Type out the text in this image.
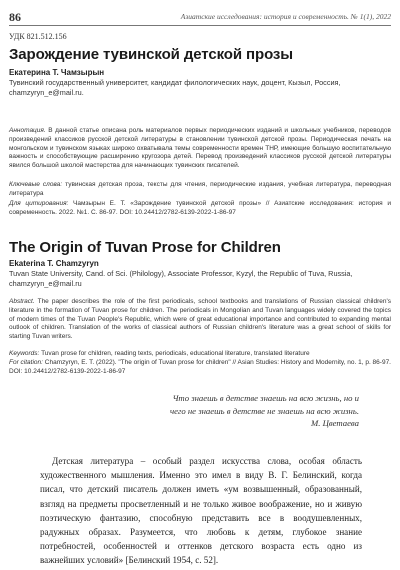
86	Азиатские исследования: история и современность. № 1(1), 2022
УДК 821.512.156
Зарождение тувинской детской прозы
Екатерина Т. Чамзырын
Тувинский государственный университет, кандидат филологических наук, доцент, Кызыл, Россия, chamzyryn_e@mail.ru.
Аннотация. В данной статье описана роль материалов первых периодических изданий и школьных учебников, переводов произведений классиков русской детской литературы в становлении тувинской детской прозы. Периодическая печать на монгольском и тувинском языках широко охватывала темы современности времен ТНР, имеющие большую воспитательную важность и способствующие расширению кругозора детей. Перевод произведений классиков русской детской литературы явился большой школой мастерства для начинающих тувинских писателей.
Ключевые слова: тувинская детская проза, тексты для чтения, периодические издания, учебная литература, переводная литература
Для цитирования: Чамзырын Е. Т. «Зарождение тувинской детской прозы» // Азиатские исследования: история и современность. 2022. №1. С. 86-97. DOI: 10.24412/2782-6139-2022-1-86-97
The Origin of Tuvan Prose for Children
Ekaterina T. Chamzyryn
Tuvan State University, Cand. of Sci. (Philology), Associate Professor, Kyzyl, the Republic of Tuva, Russia, chamzyryn_e@mail.ru
Abstract. The paper describes the role of the first periodicals, school textbooks and translations of Russian classical children's literature in the formation of Tuvan prose for children. The periodicals in Mongolian and Tuvan languages widely covered the topics of modern times of the Tuvan People's Republic, which were of great educational importance and contributed to expanding mental outlook of children. Translation of the works of classical authors of Russian children's literature was a great school of skills for starting Tuvan writers.
Keywords: Tuvan prose for children, reading texts, periodicals, educational literature, translated literature
For citation: Chamzyryn, E. T. (2022). "The origin of Tuvan prose for children" // Asian Studies: History and Modernity, no. 1, p. 86-97. DOI: 10.24412/2782-6139-2022-1-86-97
Что знаешь в детстве знаешь на всю жизнь, но и
чего не знаешь в детстве не знаешь на всю жизнь.
М. Цветаева
Детская литература – особый раздел искусства слова, особая область художественного мышления. Именно это имел в виду В. Г. Белинский, когда писал, что детский писатель должен иметь «ум возвышенный, образованный, взгляд на предметы просветленный и не только живое воображение, но и живую поэтическую фантазию, способную представить все в воодушевленных, радужных образах. Разумеется, что любовь к детям, глубокое знание потребностей, особенностей и оттенков детского возраста есть одно из важнейших условий» [Белинский 1954, с. 52].
